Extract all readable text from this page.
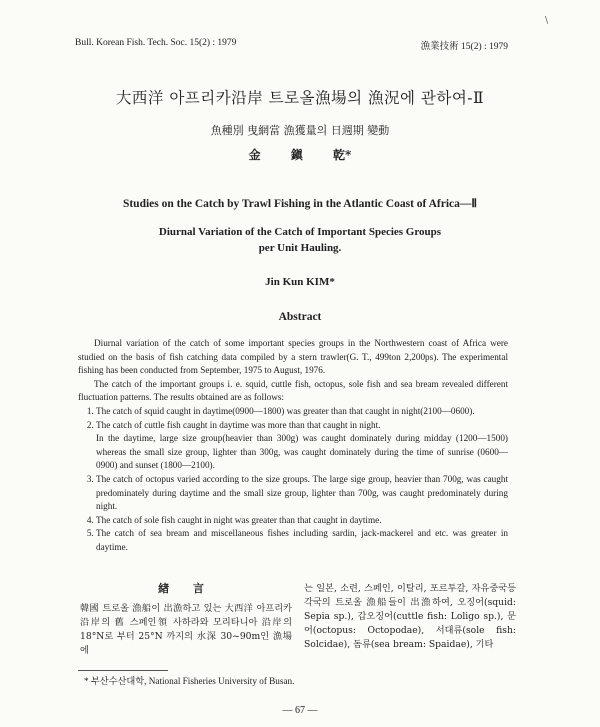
Bull. Korean Fish. Tech. Soc. 15(2) : 1979	漁業技術 15(2) : 1979
\
大西洋 아프리카沿岸 트로올漁場의 漁況에 관하여-Ⅱ
魚種別 曳網當 漁獲量의 日週期 變動
金 鎭 乾*
Studies on the Catch by Trawl Fishing in the Atlantic Coast of Africa—Ⅱ
Diurnal Variation of the Catch of Important Species Groups
per Unit Hauling.
Jin Kun KIM*
Abstract

Diurnal variation of the catch of some important species groups in the Northwestern coast of Africa were studied on the basis of fish catching data compiled by a stern trawler(G. T., 499ton 2,200ps). The experimental fishing has been conducted from September, 1975 to August, 1976.

The catch of the important groups i. e. squid, cuttle fish, octopus, sole fish and sea bream revealed different fluctuation patterns. The results obtained are as follows:

1. The catch of squid caught in daytime(0900—1800) was greater than that caught in night(2100—0600).
2. The catch of cuttle fish caught in daytime was more than that caught in night.
In the daytime, large size group(heavier than 300g) was caught dominately during midday (1200—1500) whereas the small size group, lighter than 300g, was caught dominately during the time of sunrise (0600—0900) and sunset (1800—2100).
3. The catch of octopus varied according to the size groups. The large sige group, heavier than 700g, was caught predominately during daytime and the small size group, lighter than 700g, was caught predominately during night.
4. The catch of sole fish caught in night was greater than that caught in daytime.
5. The catch of sea bream and miscellaneous fishes including sardin, jack-mackerel and etc. was greater in daytime.
緖 言

韓國 트로올 漁船이 出漁하고 있는 大西洋 아프리카 沿岸의 舊 스페인領 사하라와 모리타니아 沿岸의 18°N로 부터 25°N 까지의 水深 30~90m인 漁場에

는 일본, 소련, 스페인, 이탈리, 포르투갈, 자유중국등 각국의 트로올 漁船들이 出漁하여, 오징어(squid: Sepia sp.), 갑오징어(cuttle fish: Loligo sp.), 문어(octopus: Octopodae), 서대류(sole fish: Solcidae), 돔류(sea bream: Spaidae), 기타

* 부산수산대학, National Fisheries University of Busan.
— 67 —
